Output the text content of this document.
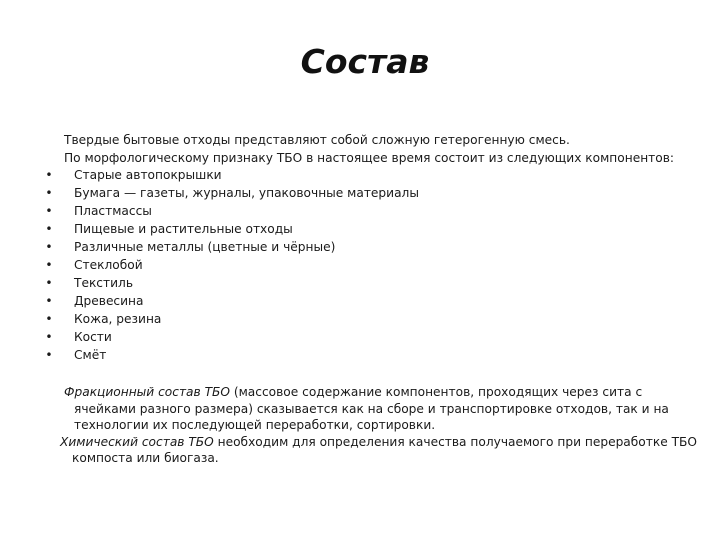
Состав
Твердые бытовые отходы представляют собой сложную гетерогенную смесь.
По морфологическому признаку ТБО в настоящее время состоит из следующих компонентов:
• Старые автопокрышки
• Бумага — газеты, журналы, упаковочные материалы
• Пластмассы
• Пищевые и растительные отходы
• Различные металлы (цветные и чёрные)
• Стеклобой
• Текстиль
• Древесина
• Кожа, резина
• Кости
• Смёт

Фракционный состав ТБО (массовое содержание компонентов, проходящих через сита с ячейками разного размера) сказывается как на сборе и транспортировке отходов, так и на технологии их последующей переработки, сортировки.

Химический состав ТБО необходим для определения качества получаемого при переработке ТБО компоста или биогаза.
